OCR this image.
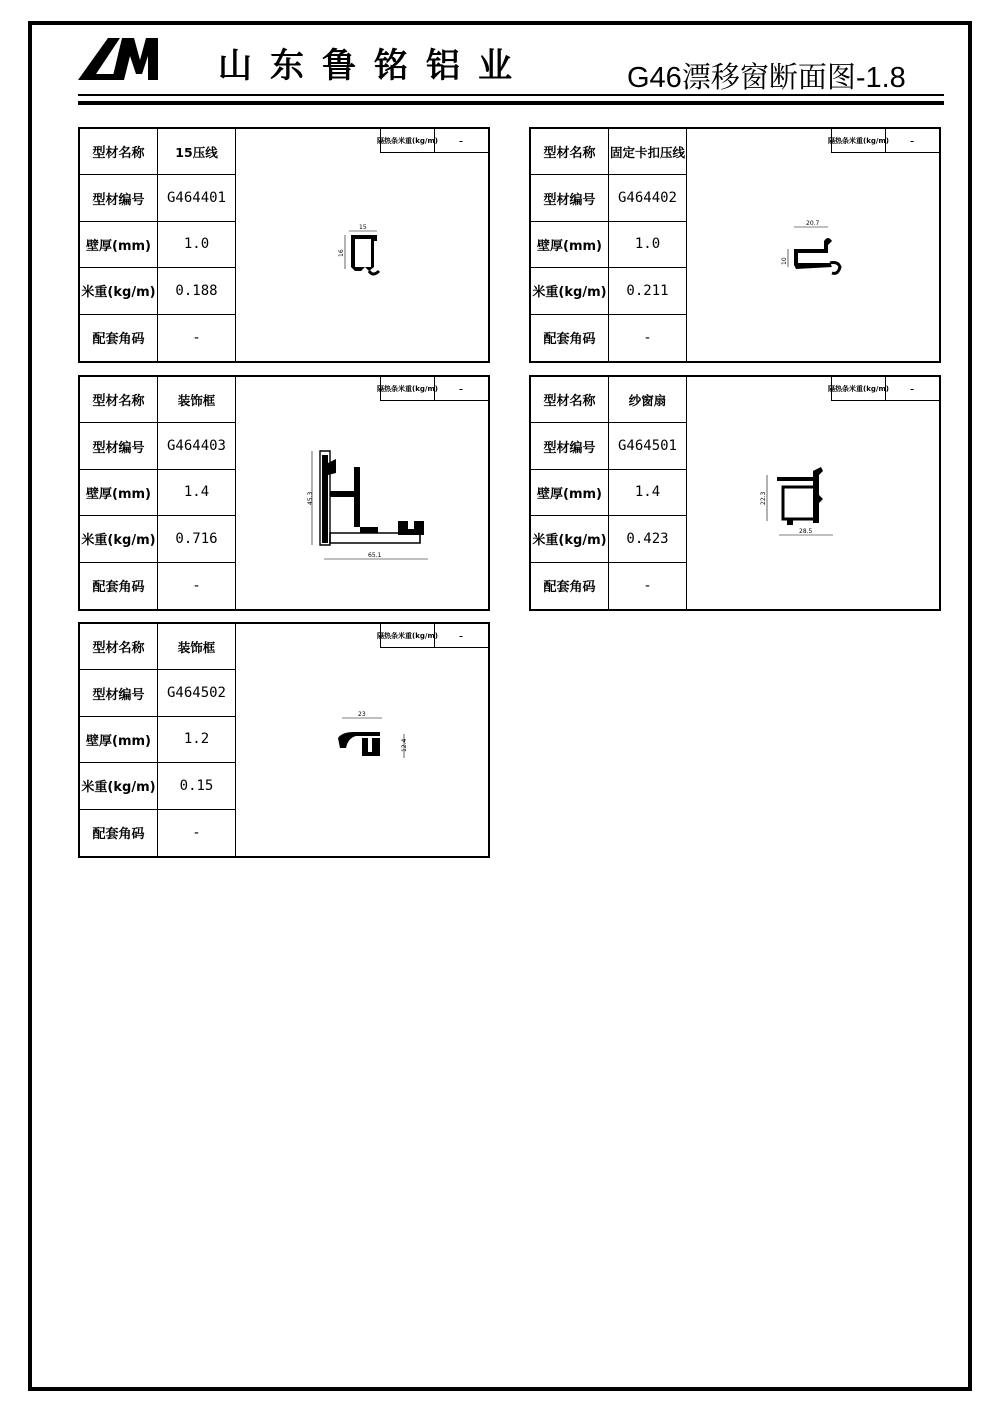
山东鲁铭铝业	G46漂移窗断面图-1.8
型材名称	15压线
型材编号	G464401
壁厚(mm)	1.0
米重(kg/m)	0.188
配套角码	-
隔热条米重(kg/m)	-
15
16
型材名称	固定卡扣压线
型材编号	G464402
壁厚(mm)	1.0
米重(kg/m)	0.211
配套角码	-
隔热条米重(kg/m)	-
20.7
10
型材名称	装饰框
型材编号	G464403
壁厚(mm)	1.4
米重(kg/m)	0.716
配套角码	-
隔热条米重(kg/m)	-
45.3
65.1
型材名称	纱窗扇
型材编号	G464501
壁厚(mm)	1.4
米重(kg/m)	0.423
配套角码	-
隔热条米重(kg/m)	-
22.3
28.5
型材名称	装饰框
型材编号	G464502
壁厚(mm)	1.2
米重(kg/m)	0.15
配套角码	-
隔热条米重(kg/m)	-
23
12.4
